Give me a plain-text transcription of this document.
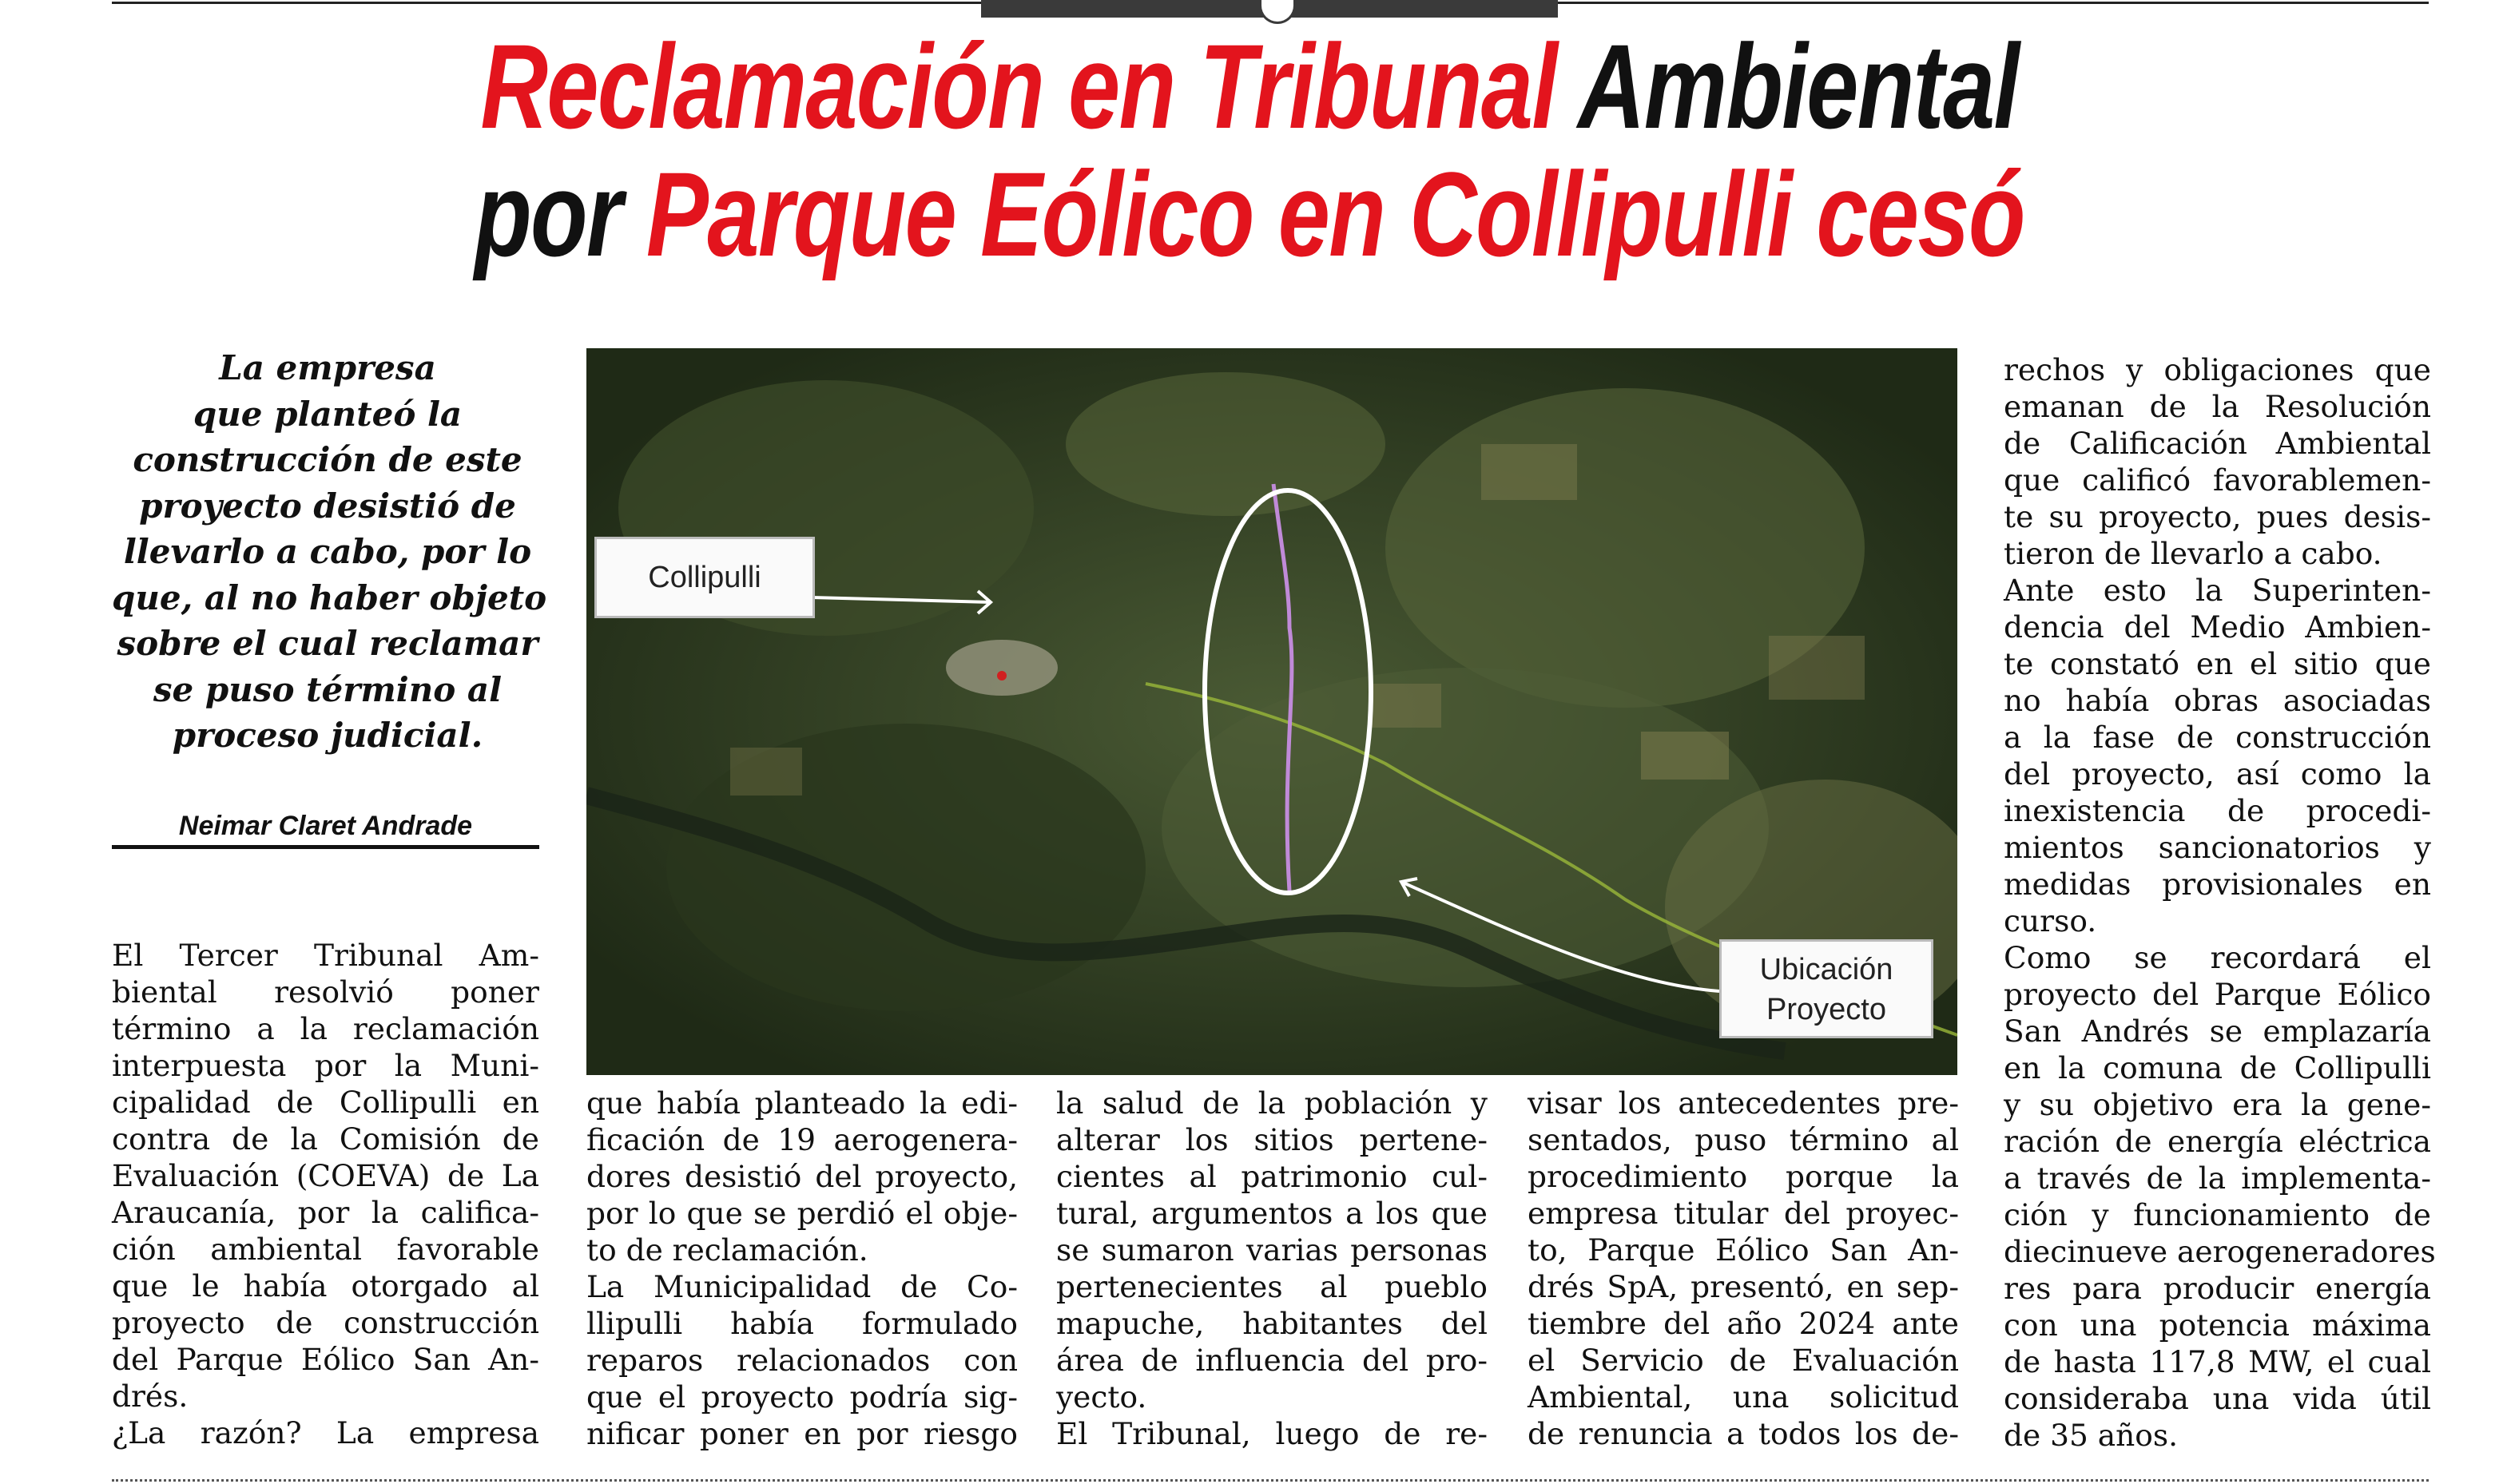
Reclamación en Tribunal Ambiental
por Parque Eólico en Collipulli cesó
La empresa
que planteó la
construcción de este
proyecto desistió de
llevarlo a cabo, por lo
que, al no haber objeto
sobre el cual reclamar
se puso término al
proceso judicial.
Neimar Claret Andrade
Collipulli
Ubicación
Proyecto
El Tercer Tribunal Am-
biental resolvió poner
término a la reclamación
interpuesta por la Muni-
cipalidad de Collipulli en
contra de la Comisión de
Evaluación (COEVA) de La
Araucanía, por la califica-
ción ambiental favorable
que le había otorgado al
proyecto de construcción
del Parque Eólico San An-
drés.
¿La razón? La empresa
que había planteado la edi-
ficación de 19 aerogenera-
dores desistió del proyecto,
por lo que se perdió el obje-
to de reclamación.
La Municipalidad de Co-
llipulli había formulado
reparos relacionados con
que el proyecto podría sig-
nificar poner en por riesgo
la salud de la población y
alterar los sitios pertene-
cientes al patrimonio cul-
tural, argumentos a los que
se sumaron varias personas
pertenecientes al pueblo
mapuche, habitantes del
área de influencia del pro-
yecto.
El Tribunal, luego de re-
visar los antecedentes pre-
sentados, puso término al
procedimiento porque la
empresa titular del proyec-
to, Parque Eólico San An-
drés SpA, presentó, en sep-
tiembre del año 2024 ante
el Servicio de Evaluación
Ambiental, una solicitud
de renuncia a todos los de-
rechos y obligaciones que
emanan de la Resolución
de Calificación Ambiental
que calificó favorablemen-
te su proyecto, pues desis-
tieron de llevarlo a cabo.
Ante esto la Superinten-
dencia del Medio Ambien-
te constató en el sitio que
no había obras asociadas
a la fase de construcción
del proyecto, así como la
inexistencia de procedi-
mientos sancionatorios y
medidas provisionales en
curso.
Como se recordará el
proyecto del Parque Eólico
San Andrés se emplazaría
en la comuna de Collipulli
y su objetivo era la gene-
ración de energía eléctrica
a través de la implementa-
ción y funcionamiento de
diecinueve aerogeneradores
res para producir energía
con una potencia máxima
de hasta 117,8 MW, el cual
consideraba una vida útil
de 35 años.
